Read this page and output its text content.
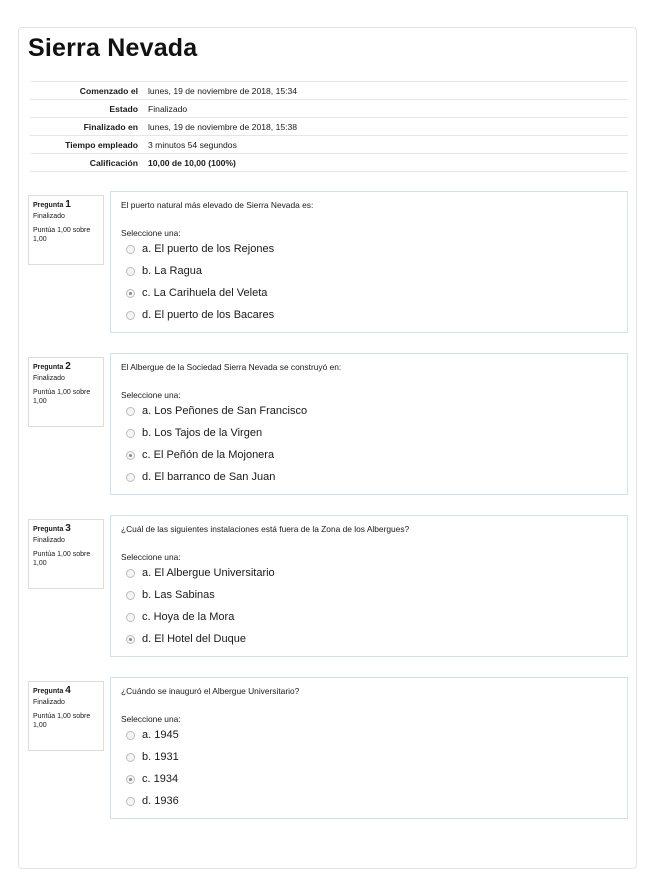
Sierra Nevada
Comenzado el	lunes, 19 de noviembre de 2018, 15:34
Estado	Finalizado
Finalizado en	lunes, 19 de noviembre de 2018, 15:38
Tiempo empleado	3 minutos 54 segundos
Calificación	10,00 de 10,00 (100%)
Pregunta 1
Finalizado
Puntúa 1,00 sobre 1,00
El puerto natural más elevado de Sierra Nevada es:
Seleccione una:
a. El puerto de los Rejones
b. La Ragua
c. La Carihuela del Veleta
d. El puerto de los Bacares
Pregunta 2
Finalizado
Puntúa 1,00 sobre 1,00
El Albergue de la Sociedad Sierra Nevada se construyó en:
Seleccione una:
a. Los Peñones de San Francisco
b. Los Tajos de la Virgen
c. El Peñón de la Mojonera
d. El barranco de San Juan
Pregunta 3
Finalizado
Puntúa 1,00 sobre 1,00
¿Cuál de las siguientes instalaciones está fuera de la Zona de los Albergues?
Seleccione una:
a. El Albergue Universitario
b. Las Sabinas
c. Hoya de la Mora
d. El Hotel del Duque
Pregunta 4
Finalizado
Puntúa 1,00 sobre 1,00
¿Cuándo se inauguró el Albergue Universitario?
Seleccione una:
a. 1945
b. 1931
c. 1934
d. 1936
